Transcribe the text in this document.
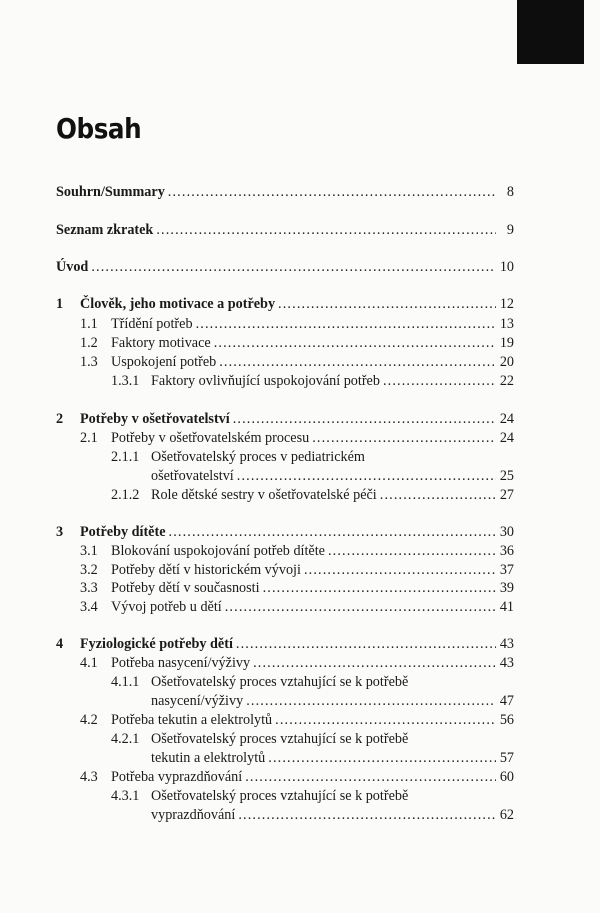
Obsah
Souhrn/Summary . . .	8
Seznam zkratek . . .	9
Úvod . . .	10
1	Člověk, jeho motivace a potřeby . . .	12
1.1 Třídění potřeb . . .	13
1.2 Faktory motivace . . .	19
1.3 Uspokojení potřeb . . .	20
1.3.1 Faktory ovlivňující uspokojování potřeb . . .	22
2	Potřeby v ošetřovatelství . . .	24
2.1 Potřeby v ošetřovatelském procesu . . .	24
2.1.1 Ošetřovatelský proces v pediatrickém
ošetřovatelství . . .	25
2.1.2 Role dětské sestry v ošetřovatelské péči . . .	27
3	Potřeby dítěte . . .	30
3.1 Blokování uspokojování potřeb dítěte . . .	36
3.2 Potřeby dětí v historickém vývoji . . .	37
3.3 Potřeby dětí v současnosti . . .	39
3.4 Vývoj potřeb u dětí . . .	41
4	Fyziologické potřeby dětí . . .	43
4.1 Potřeba nasycení/výživy . . .	43
4.1.1 Ošetřovatelský proces vztahující se k potřebě
nasycení/výživy . . .	47
4.2 Potřeba tekutin a elektrolytů . . .	56
4.2.1 Ošetřovatelský proces vztahující se k potřebě
tekutin a elektrolytů . . .	57
4.3 Potřeba vyprazdňování . . .	60
4.3.1 Ošetřovatelský proces vztahující se k potřebě
vyprazdňování . . .	62
